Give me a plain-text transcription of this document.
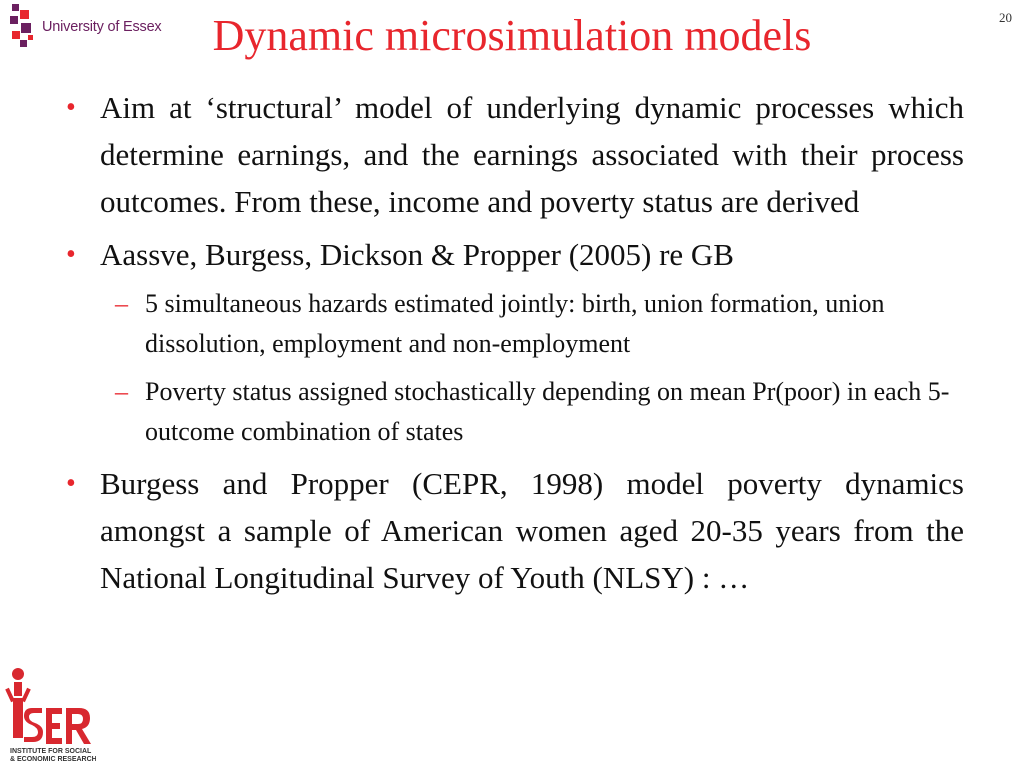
University of Essex
20
Dynamic microsimulation models
• Aim at ‘structural’ model of underlying dynamic processes which determine earnings, and the earnings associated with their process outcomes. From these, income and poverty status are derived
• Aassve, Burgess, Dickson & Propper (2005) re GB
– 5 simultaneous hazards estimated jointly: birth, union formation, union dissolution, employment and non-employment
– Poverty status assigned stochastically depending on mean Pr(poor) in each 5-outcome combination of states
• Burgess and Propper (CEPR, 1998) model poverty dynamics amongst a sample of American women aged 20-35 years from the National Longitudinal Survey of Youth (NLSY) : …
INSTITUTE FOR SOCIAL
& ECONOMIC RESEARCH
